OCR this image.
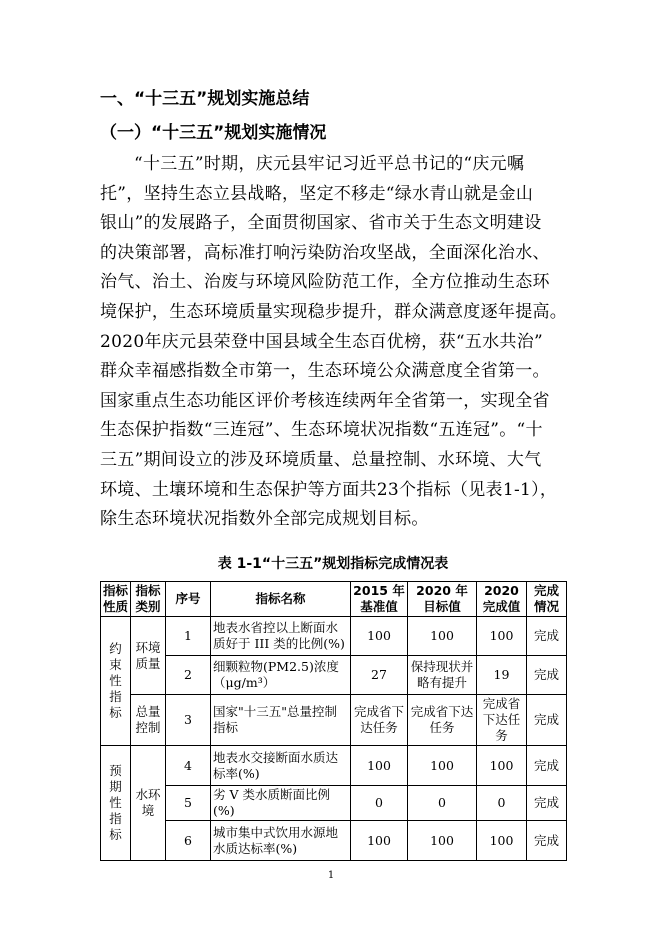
一、“十三五”规划实施总结
（一）“十三五”规划实施情况
“十三五”时期，庆元县牢记习近平总书记的“庆元嘱
托”，坚持生态立县战略，坚定不移走“绿水青山就是金山
银山”的发展路子，全面贯彻国家、省市关于生态文明建设
的决策部署，高标准打响污染防治攻坚战，全面深化治水、
治气、治土、治废与环境风险防范工作，全方位推动生态环
境保护，生态环境质量实现稳步提升，群众满意度逐年提高。
2020年庆元县荣登中国县域全生态百优榜，获“五水共治”
群众幸福感指数全市第一，生态环境公众满意度全省第一。
国家重点生态功能区评价考核连续两年全省第一，实现全省
生态保护指数“三连冠”、生态环境状况指数“五连冠”。“十
三五”期间设立的涉及环境质量、总量控制、水环境、大气
环境、土壤环境和生态保护等方面共23个指标（见表1-1），
除生态环境状况指数外全部完成规划目标。
表 1-1“十三五”规划指标完成情况表
指标性质	指标类别	序号	指标名称	2015 年基准值	2020 年目标值	2020 完成值	完成情况
约束性指标	环境质量	1	地表水省控以上断面水质好于 III 类的比例(%)	100	100	100	完成
		2	细颗粒物(PM2.5)浓度（μg/m³）	27	保持现状并略有提升	19	完成
	总量控制	3	国家"十三五"总量控制指标	完成省下达任务	完成省下达任务	完成省下达任务	完成
预期性指标	水环境	4	地表水交接断面水质达标率(%)	100	100	100	完成
		5	劣 V 类水质断面比例(%)	0	0	0	完成
		6	城市集中式饮用水源地水质达标率(%)	100	100	100	完成
1
